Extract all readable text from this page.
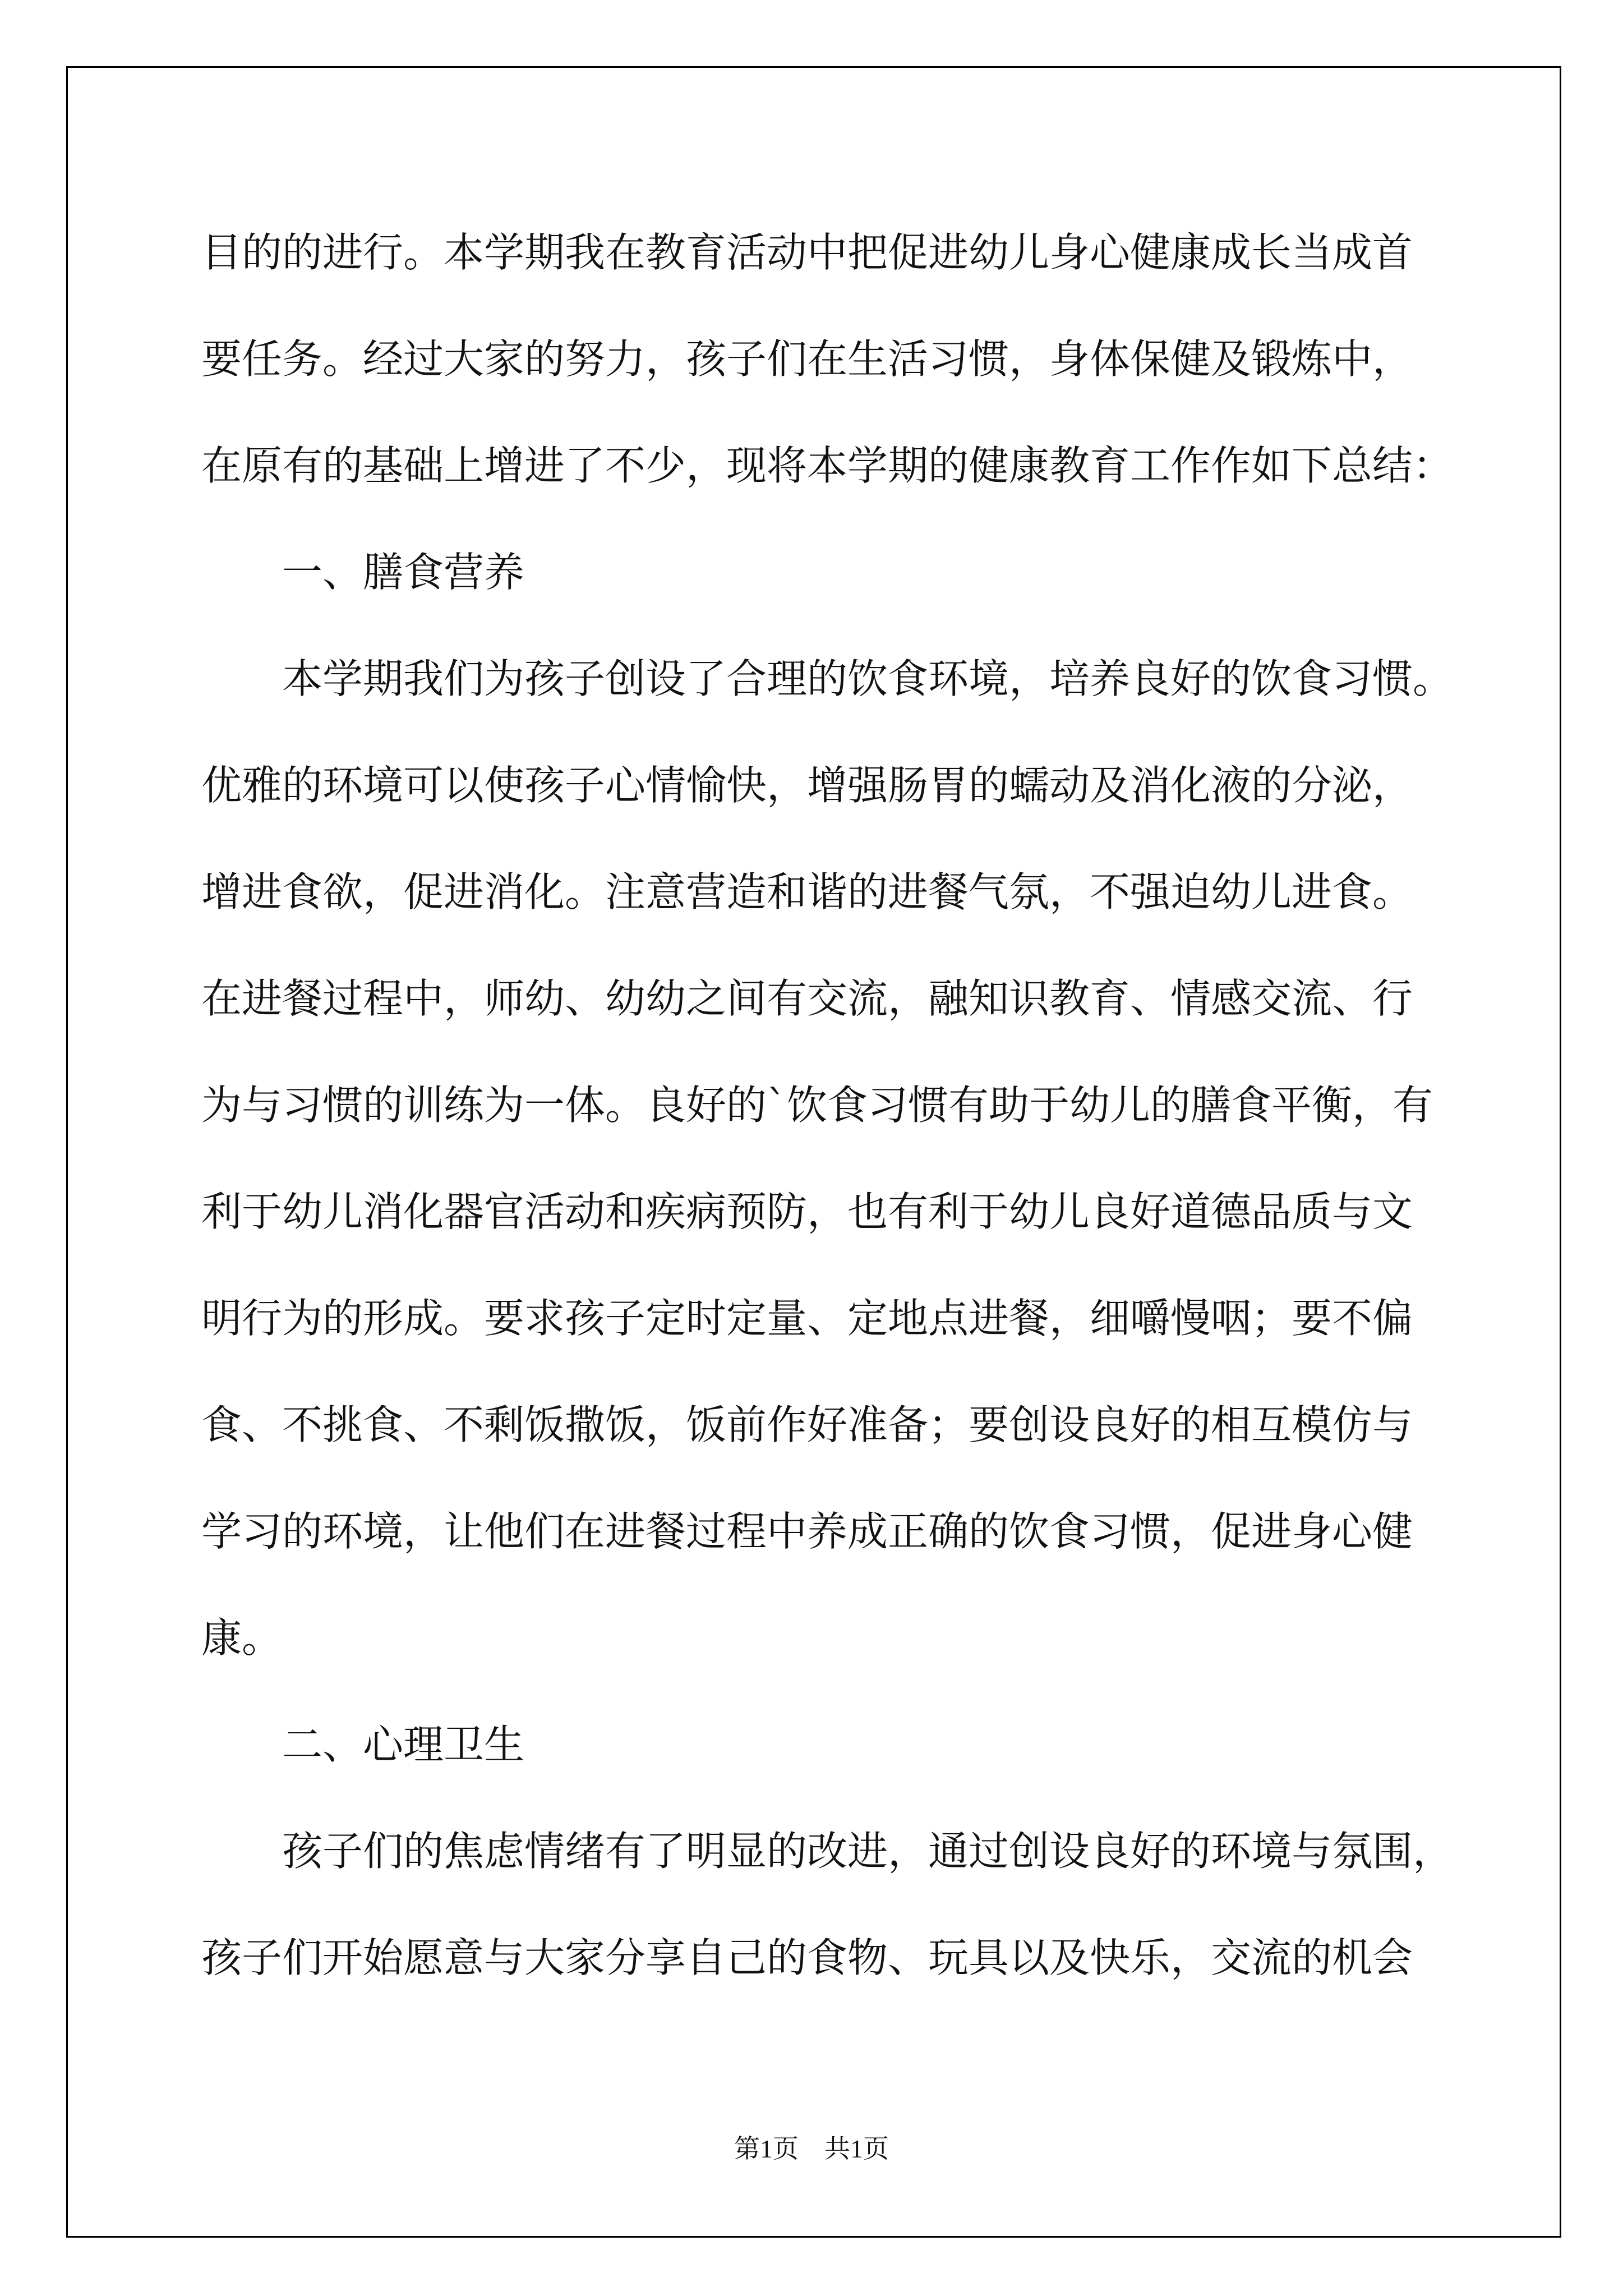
目的的进行。本学期我在教育活动中把促进幼儿身心健康成长当成首
要任务。经过大家的努力，孩子们在生活习惯，身体保健及锻炼中，
在原有的基础上增进了不少，现将本学期的健康教育工作作如下总结：
一、膳食营养
本学期我们为孩子创设了合理的饮食环境，培养良好的饮食习惯。
优雅的环境可以使孩子心情愉快，增强肠胃的蠕动及消化液的分泌，
增进食欲，促进消化。注意营造和谐的进餐气氛，不强迫幼儿进食。
在进餐过程中，师幼、幼幼之间有交流，融知识教育、情感交流、行
为与习惯的训练为一体。良好的`饮食习惯有助于幼儿的膳食平衡，有
利于幼儿消化器官活动和疾病预防，也有利于幼儿良好道德品质与文
明行为的形成。要求孩子定时定量、定地点进餐，细嚼慢咽；要不偏
食、不挑食、不剩饭撒饭，饭前作好准备；要创设良好的相互模仿与
学习的环境，让他们在进餐过程中养成正确的饮食习惯，促进身心健
康。
二、心理卫生
孩子们的焦虑情绪有了明显的改进，通过创设良好的环境与氛围，
孩子们开始愿意与大家分享自己的食物、玩具以及快乐，交流的机会
第1页 共1页
